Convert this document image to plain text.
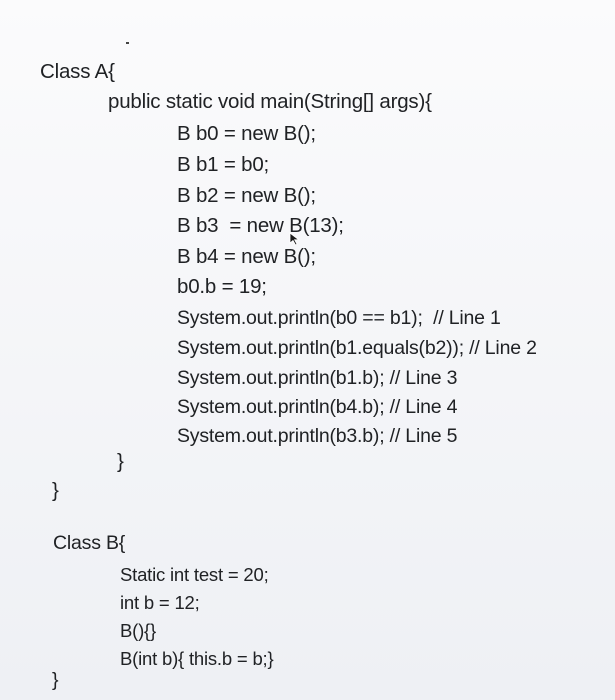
Class A{
public static void main(String[] args){
B b0 = new B();
B b1 = b0;
B b2 = new B();
B b3  = new B(13);
B b4 = new B();
b0.b = 19;
System.out.println(b0 == b1);  // Line 1
System.out.println(b1.equals(b2)); // Line 2
System.out.println(b1.b); // Line 3
System.out.println(b4.b); // Line 4
System.out.println(b3.b); // Line 5
}
}
Class B{
Static int test = 20;
int b = 12;
B(){}
B(int b){ this.b = b;}
}
